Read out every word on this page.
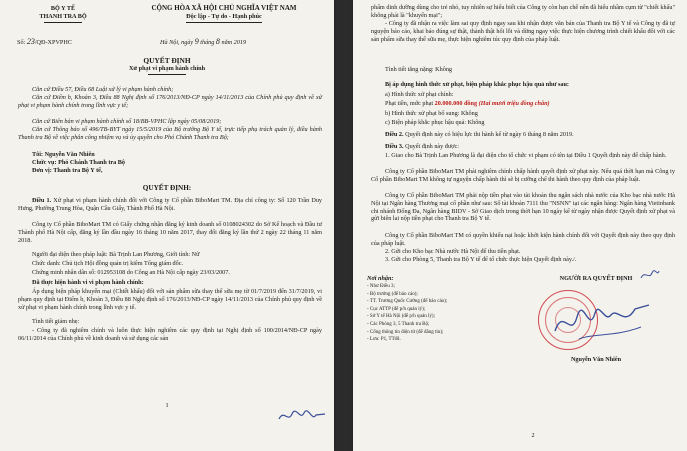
BỘ Y TẾ
THANH TRA BỘ
CỘNG HÒA XÃ HỘI CHỦ NGHĨA VIỆT NAM
Độc lập - Tự do - Hạnh phúc
Số: 23/QĐ-XPVPHC	Hà Nội, ngày 9 tháng 8 năm 2019
QUYẾT ĐỊNH
Xử phạt vi phạm hành chính
Căn cứ Điều 57, Điều 68 Luật xử lý vi phạm hành chính;
Căn cứ Điểm b, Khoản 3, Điều 88 Nghị định số 176/2013/NĐ-CP ngày 14/11/2013 của Chính phủ quy định về xử phạt vi phạm hành chính trong lĩnh vực y tế;
Căn cứ Biên bản vi phạm hành chính số 18/BB-VPHC lập ngày 05/08/2019;
Căn cứ Thông báo số 496/TB-BYT ngày 15/5/2019 của Bộ trưởng Bộ Y tế, trực tiếp phụ trách quản lý, điều hành Thanh tra Bộ về việc phân công nhiệm vụ và ủy quyền cho Phó Chánh Thanh tra Bộ;
Tôi: Nguyễn Văn Nhiên
Chức vụ: Phó Chánh Thanh tra Bộ
Đơn vị: Thanh tra Bộ Y tế,
QUYẾT ĐỊNH:
Điều 1. Xử phạt vi phạm hành chính đối với Công ty Cổ phần BiboMart TM. Địa chỉ công ty: Số 120 Trần Duy Hưng, Phường Trung Hòa, Quận Cầu Giấy, Thành Phố Hà Nội.
Công ty Cổ phần BiboMart TM có Giấy chứng nhận đăng ký kinh doanh số 0108024302 do Sở Kế hoạch và Đầu tư Thành phố Hà Nội cấp, đăng ký lần đầu ngày 16 tháng 10 năm 2017, thay đổi đăng ký lần thứ 2 ngày 22 tháng 11 năm 2018.
Người đại diện theo pháp luật: Bà Trịnh Lan Phương, Giới tính: Nữ
Chức danh: Chủ tịch Hội đồng quản trị kiêm Tổng giám đốc.
Chứng minh nhân dân số: 012953108 do Công an Hà Nội cấp ngày 23/03/2007.
Đã thực hiện hành vi vi phạm hành chính:
Áp dụng biện pháp khuyến mại (Chiết khấu) đối với sản phẩm sữa thay thế sữa mẹ từ 01/7/2019 đến 31/7/2019, vi phạm quy định tại Điểm b, Khoản 3, Điều 88 Nghị định số 176/2013/NĐ-CP ngày 14/11/2013 của Chính phủ quy định về xử phạt vi phạm hành chính trong lĩnh vực y tế.
Tình tiết giảm nhẹ:
- Công ty đã nghiêm chỉnh và luôn thực hiện nghiêm các quy định tại Nghị định số 100/2014/NĐ-CP ngày 06/11/2014 của Chính phủ về kinh doanh và sử dụng các sản
1
phẩm dinh dưỡng dùng cho trẻ nhỏ, tuy nhiên sự hiểu biết của Công ty còn hạn chế nên đã hiểu nhầm cụm từ "chiết khấu" không phải là "khuyến mại";
- Công ty đã nhận ra việc làm sai quy định ngay sau khi nhận được văn bản của Thanh tra Bộ Y tế và Công ty đã tự nguyện báo cáo, khai báo đúng sự thật, thành thật hối lỗi và dừng ngay việc thực hiện chương trình chiết khấu đối với các sản phẩm sữa thay thế sữa mẹ, thực hiện nghiêm túc quy định của pháp luật.
Tình tiết tăng nặng: Không
Bị áp dụng hình thức xử phạt, biện pháp khắc phục hậu quả như sau:
a) Hình thức xử phạt chính:
Phạt tiền, mức phạt 20.000.000 đồng (Hai mươi triệu đồng chẵn)
b) Hình thức xử phạt bổ sung: Không
c) Biện pháp khắc phục hậu quả: Không
Điều 2. Quyết định này có hiệu lực thi hành kể từ ngày 6 tháng 8 năm 2019.
Điều 3. Quyết định này được:
1. Giao cho Bà Trịnh Lan Phương là đại diện cho tổ chức vi phạm có tên tại Điều 1 Quyết định này để chấp hành.
Công ty Cổ phần BiboMart TM phải nghiêm chỉnh chấp hành quyết định xử phạt này. Nếu quá thời hạn mà Công ty Cổ phần BiboMart TM không tự nguyện chấp hành thì sẽ bị cưỡng chế thi hành theo quy định của pháp luật.
Công ty Cổ phần BiboMart TM phải nộp tiền phạt vào tài khoản thu ngân sách nhà nước của Kho bạc nhà nước Hà Nội tại Ngân hàng Thương mại cổ phần như sau: Số tài khoản 7111 thu "NSNN" tại các ngân hàng: Ngân hàng Vietinbank chi nhánh Đống Đa, Ngân hàng BIDV - Sở Giao dịch trong thời hạn 10 ngày kể từ ngày nhận được Quyết định xử phạt và gửi biên lai nộp tiền phạt cho Thanh tra Bộ Y tế.
Công ty Cổ phần BiboMart TM có quyền khiếu nại hoặc khởi kiện hành chính đối với Quyết định này theo quy định của pháp luật.
2. Gửi cho Kho bạc Nhà nước Hà Nội để thu tiền phạt.
3. Gửi cho Phòng 5, Thanh tra Bộ Y tế để tổ chức thực hiện Quyết định này./.
Nơi nhận:
- Như Điều 3;
- Bộ trưởng (để báo cáo);
- TT. Trương Quốc Cường (để báo cáo);
- Cục ATTP (để p/h quản lý);
- Sở Y tế Hà Nội (để p/h quản lý);
- Các Phòng 3, 5 Thanh tra Bộ;
- Cổng thông tin điện tử (để đăng tin);
- Lưu: P1, TTrB.
NGƯỜI RA QUYẾT ĐỊNH
Nguyễn Văn Nhiên
2
